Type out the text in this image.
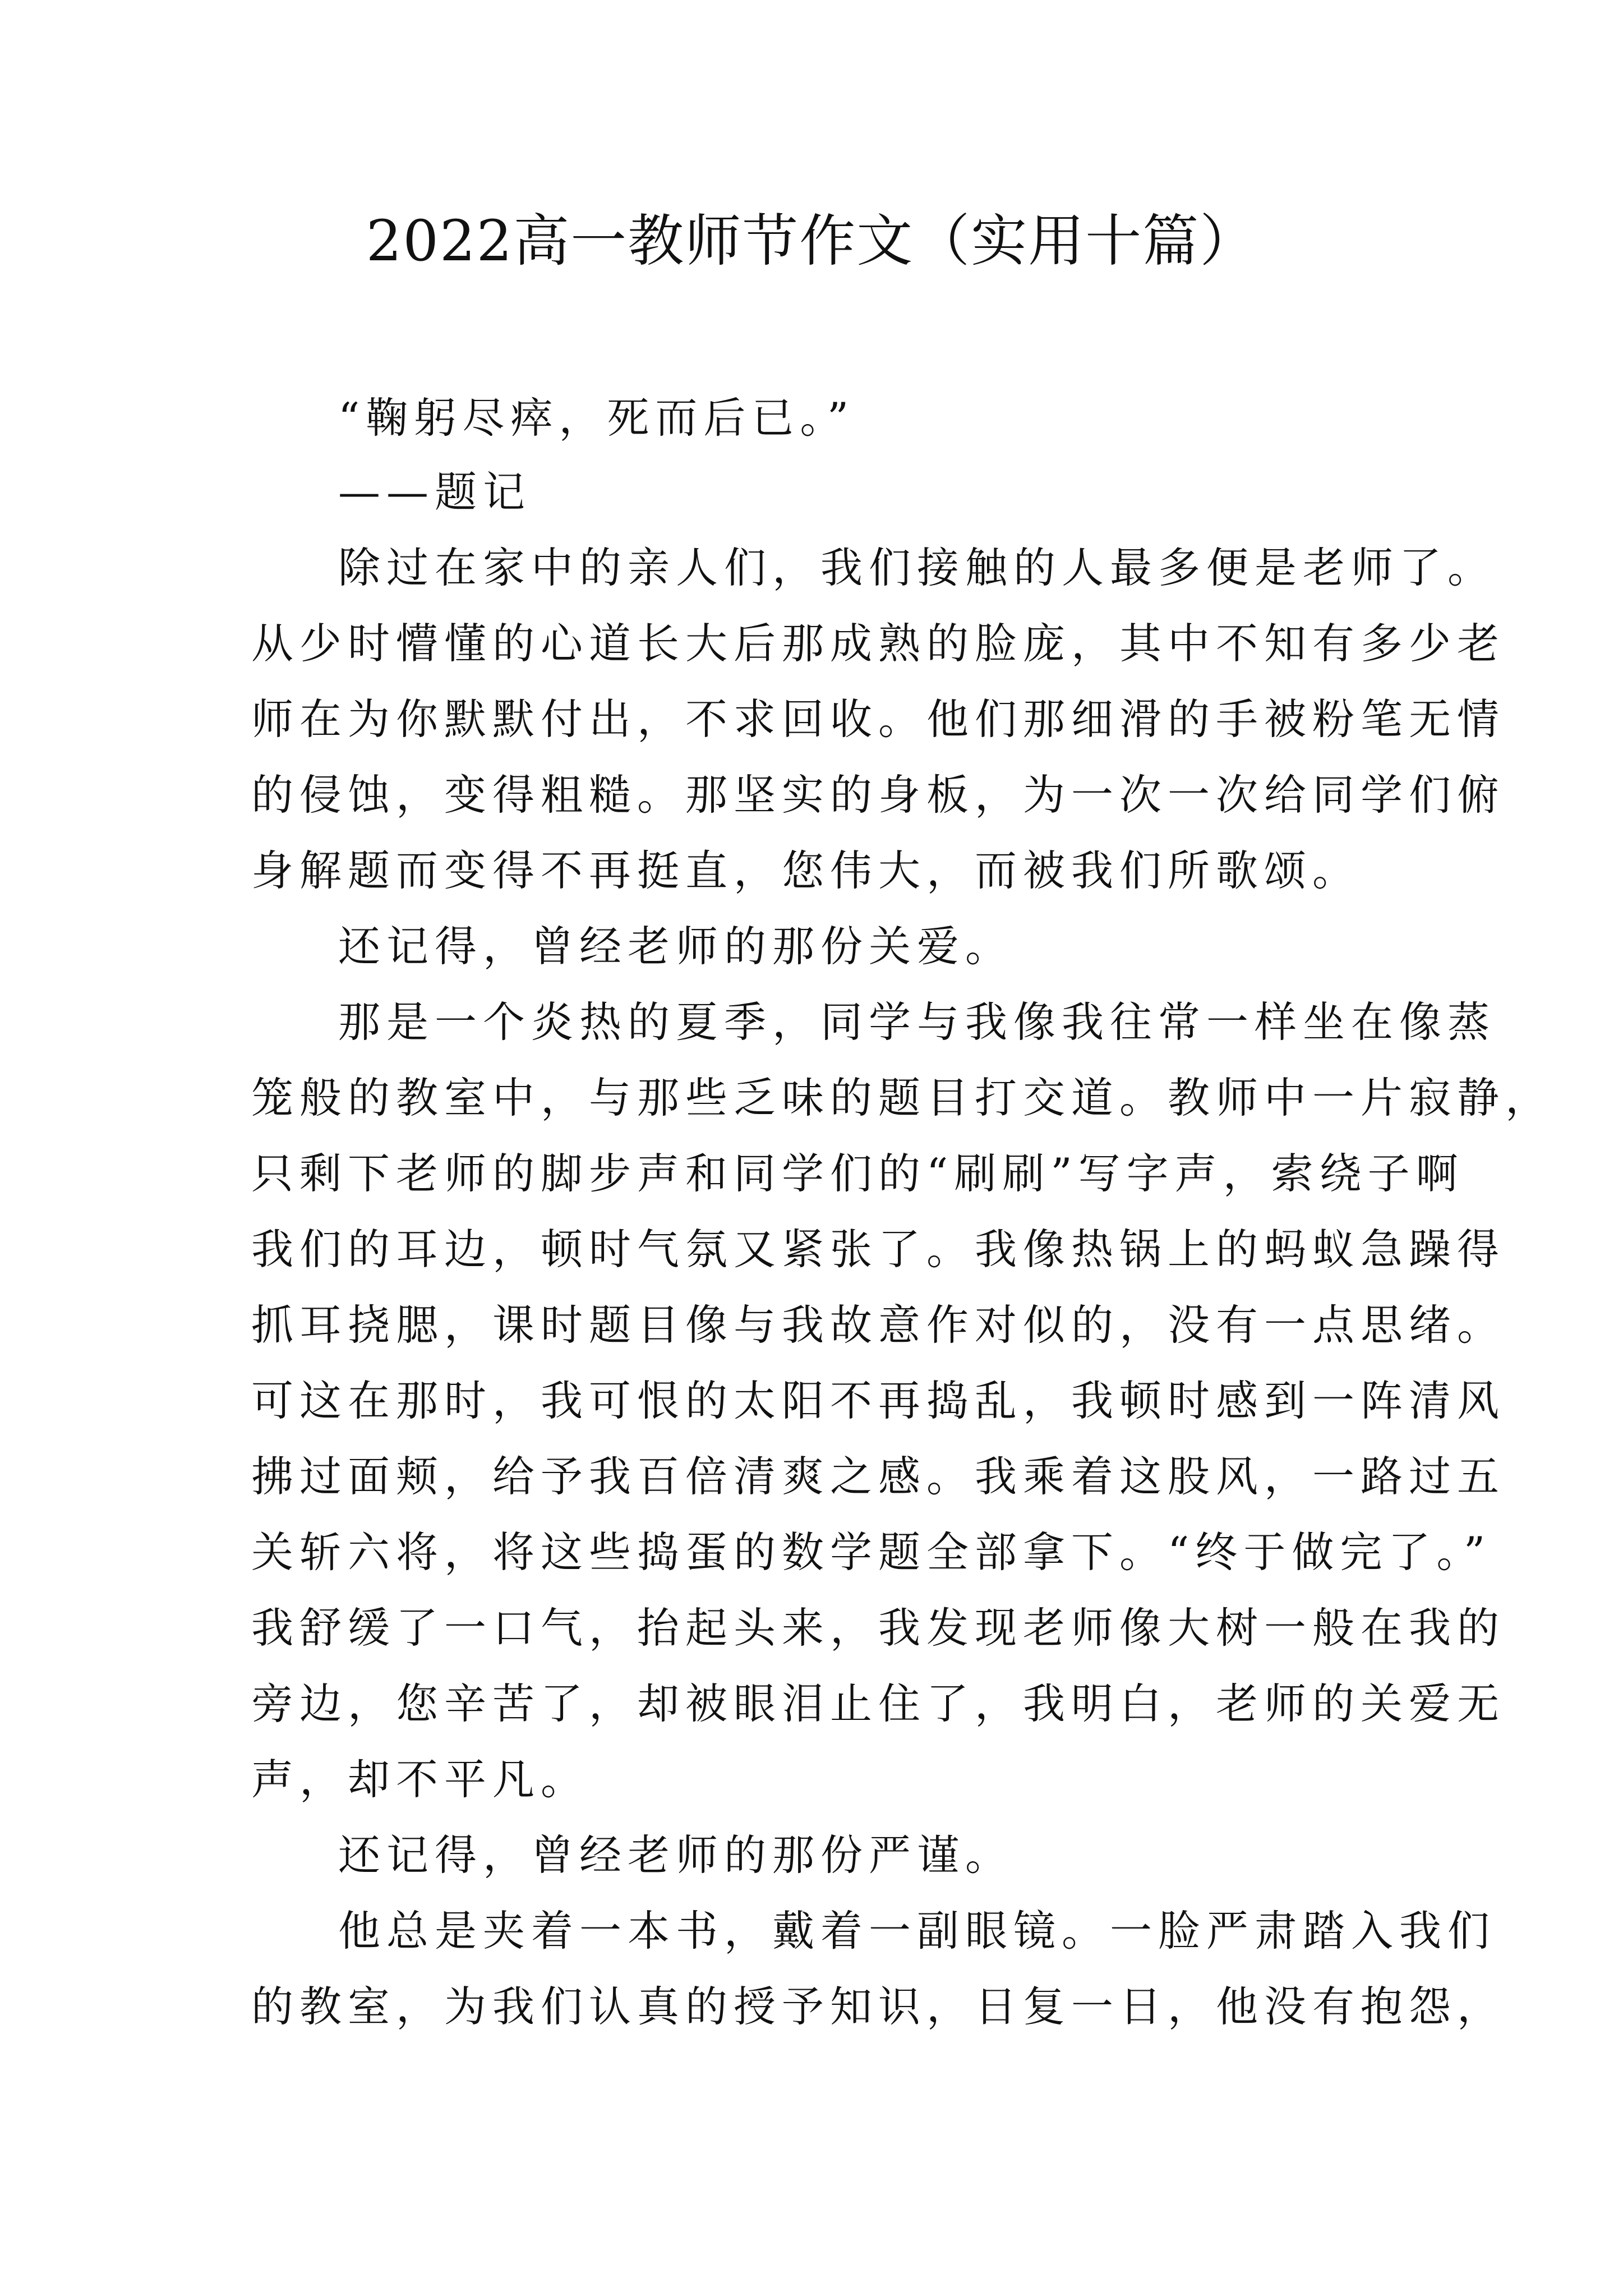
2022高一教师节作文（实用十篇）
“鞠躬尽瘁，死而后已。”
——题记
除过在家中的亲人们，我们接触的人最多便是老师了。
从少时懵懂的心道长大后那成熟的脸庞，其中不知有多少老
师在为你默默付出，不求回收。他们那细滑的手被粉笔无情
的侵蚀，变得粗糙。那坚实的身板，为一次一次给同学们俯
身解题而变得不再挺直，您伟大，而被我们所歌颂。
还记得，曾经老师的那份关爱。
那是一个炎热的夏季，同学与我像我往常一样坐在像蒸
笼般的教室中，与那些乏味的题目打交道。教师中一片寂静，
只剩下老师的脚步声和同学们的“刷刷”写字声，索绕子啊
我们的耳边，顿时气氛又紧张了。我像热锅上的蚂蚁急躁得
抓耳挠腮，课时题目像与我故意作对似的，没有一点思绪。
可这在那时，我可恨的太阳不再捣乱，我顿时感到一阵清风
拂过面颊，给予我百倍清爽之感。我乘着这股风，一路过五
关斩六将，将这些捣蛋的数学题全部拿下。“终于做完了。”
我舒缓了一口气，抬起头来，我发现老师像大树一般在我的
旁边，您辛苦了，却被眼泪止住了，我明白，老师的关爱无
声，却不平凡。
还记得，曾经老师的那份严谨。
他总是夹着一本书，戴着一副眼镜。一脸严肃踏入我们
的教室，为我们认真的授予知识，日复一日，他没有抱怨，
